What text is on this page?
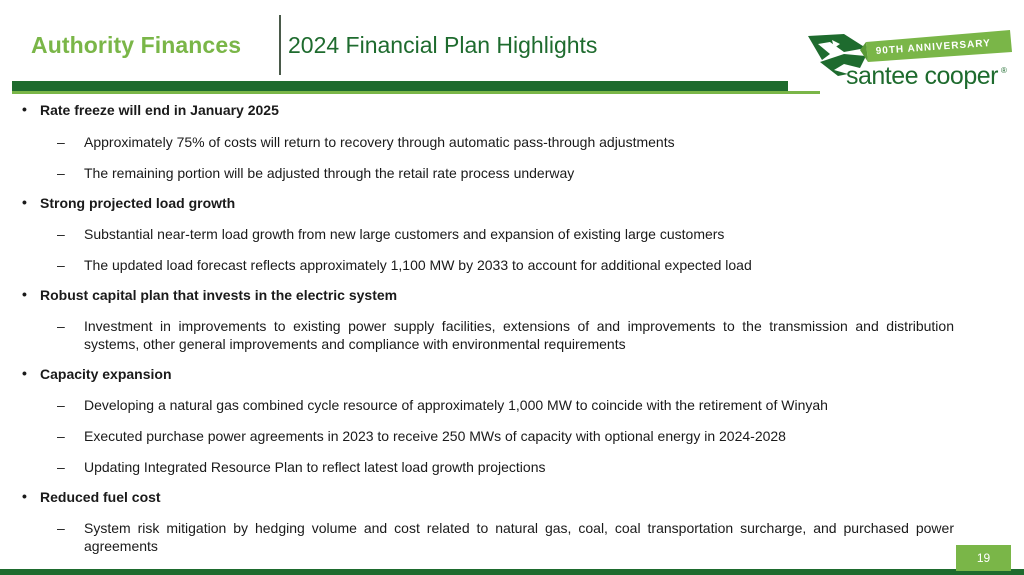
Authority Finances 2024 Financial Plan Highlights	90TH ANNIVERSARY
santee cooper ®
• Rate freeze will end in January 2025
– Approximately 75% of costs will return to recovery through automatic pass-through adjustments
– The remaining portion will be adjusted through the retail rate process underway
• Strong projected load growth
– Substantial near-term load growth from new large customers and expansion of existing large customers
– The updated load forecast reflects approximately 1,100 MW by 2033 to account for additional expected load
• Robust capital plan that invests in the electric system
– Investment in improvements to existing power supply facilities, extensions of and improvements to the transmission and distribution systems, other general improvements and compliance with environmental requirements
• Capacity expansion
– Developing a natural gas combined cycle resource of approximately 1,000 MW to coincide with the retirement of Winyah
– Executed purchase power agreements in 2023 to receive 250 MWs of capacity with optional energy in 2024-2028
– Updating Integrated Resource Plan to reflect latest load growth projections
• Reduced fuel cost
– System risk mitigation by hedging volume and cost related to natural gas, coal, coal transportation surcharge, and purchased power agreements
19
